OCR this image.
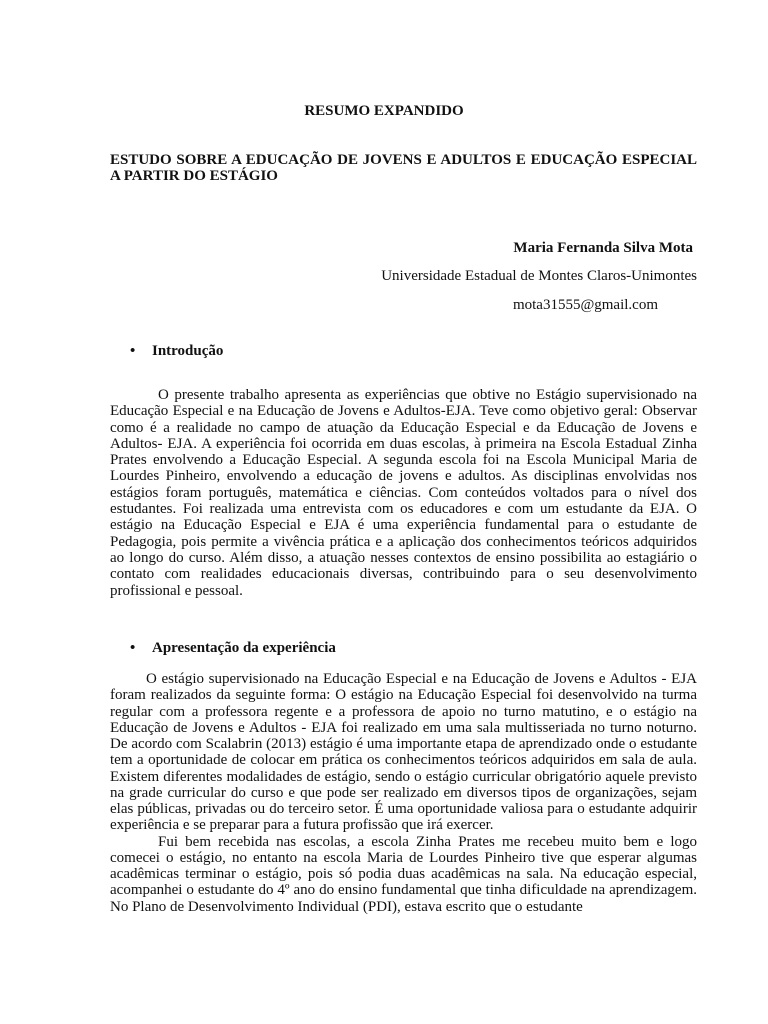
RESUMO EXPANDIDO
ESTUDO SOBRE A EDUCAÇÃO DE JOVENS E ADULTOS E EDUCAÇÃO ESPECIAL A PARTIR DO ESTÁGIO

Maria Fernanda Silva Mota

Universidade Estadual de Montes Claros-Unimontes

mota31555@gmail.com

• Introdução

O presente trabalho apresenta as experiências que obtive no Estágio supervisionado na Educação Especial e na Educação de Jovens e Adultos-EJA. Teve como objetivo geral: Observar como é a realidade no campo de atuação da Educação Especial e da Educação de Jovens e Adultos- EJA. A experiência foi ocorrida em duas escolas, à primeira na Escola Estadual Zinha Prates envolvendo a Educação Especial. A segunda escola foi na Escola Municipal Maria de Lourdes Pinheiro, envolvendo a educação de jovens e adultos. As disciplinas envolvidas nos estágios foram português, matemática e ciências. Com conteúdos voltados para o nível dos estudantes. Foi realizada uma entrevista com os educadores e com um estudante da EJA. O estágio na Educação Especial e EJA é uma experiência fundamental para o estudante de Pedagogia, pois permite a vivência prática e a aplicação dos conhecimentos teóricos adquiridos ao longo do curso. Além disso, a atuação nesses contextos de ensino possibilita ao estagiário o contato com realidades educacionais diversas, contribuindo para o seu desenvolvimento profissional e pessoal.

• Apresentação da experiência

O estágio supervisionado na Educação Especial e na Educação de Jovens e Adultos - EJA foram realizados da seguinte forma: O estágio na Educação Especial foi desenvolvido na turma regular com a professora regente e a professora de apoio no turno matutino, e o estágio na Educação de Jovens e Adultos - EJA foi realizado em uma sala multisseriada no turno noturno. De acordo com Scalabrin (2013) estágio é uma importante etapa de aprendizado onde o estudante tem a oportunidade de colocar em prática os conhecimentos teóricos adquiridos em sala de aula. Existem diferentes modalidades de estágio, sendo o estágio curricular obrigatório aquele previsto na grade curricular do curso e que pode ser realizado em diversos tipos de organizações, sejam elas públicas, privadas ou do terceiro setor. É uma oportunidade valiosa para o estudante adquirir experiência e se preparar para a futura profissão que irá exercer.

Fui bem recebida nas escolas, a escola Zinha Prates me recebeu muito bem e logo comecei o estágio, no entanto na escola Maria de Lourdes Pinheiro tive que esperar algumas acadêmicas terminar o estágio, pois só podia duas acadêmicas na sala. Na educação especial, acompanhei o estudante do 4º ano do ensino fundamental que tinha dificuldade na aprendizagem. No Plano de Desenvolvimento Individual (PDI), estava escrito que o estudante
